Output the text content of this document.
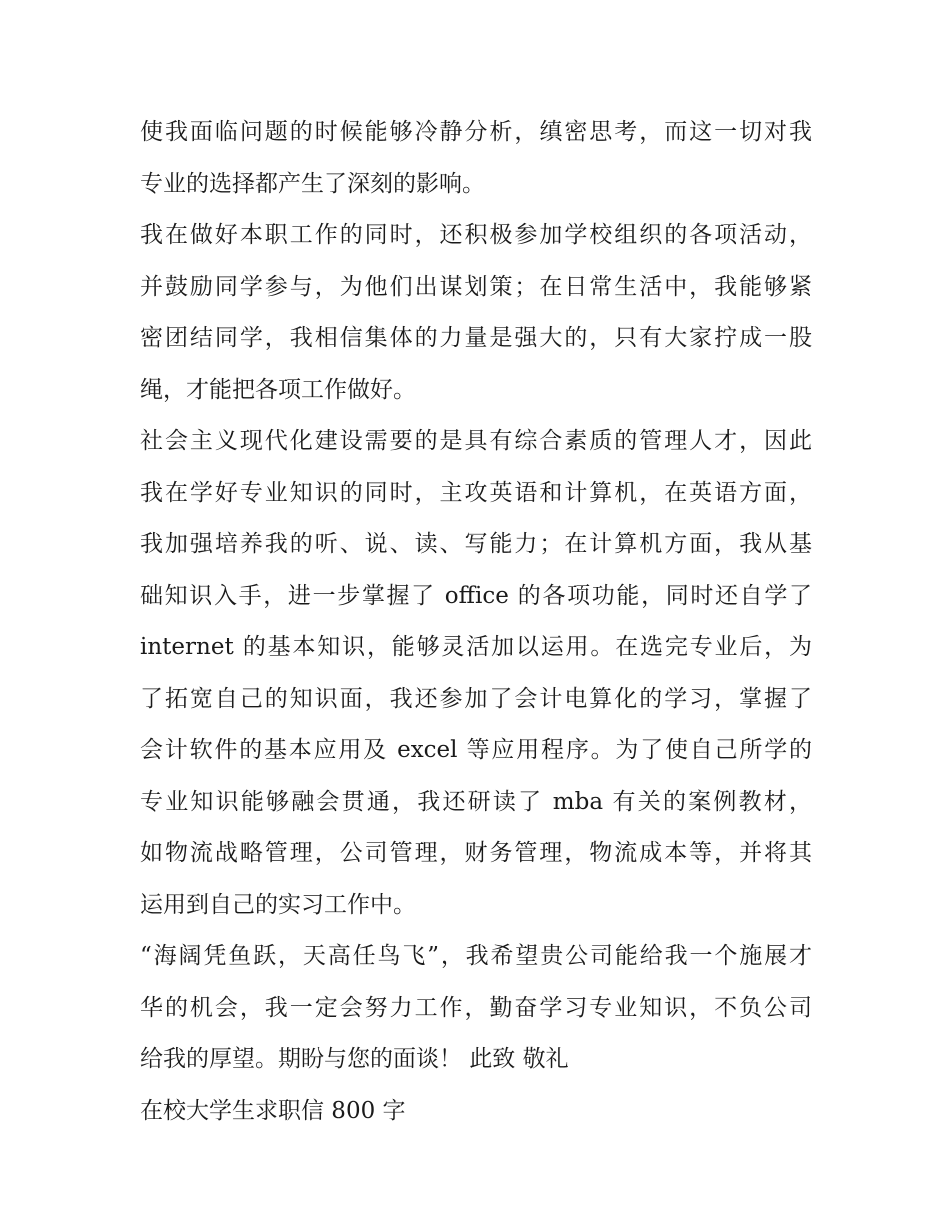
使我面临问题的时候能够冷静分析，缜密思考，而这一切对我
专业的选择都产生了深刻的影响。
我在做好本职工作的同时，还积极参加学校组织的各项活动，
并鼓励同学参与，为他们出谋划策；在日常生活中，我能够紧
密团结同学，我相信集体的力量是强大的，只有大家拧成一股
绳，才能把各项工作做好。
社会主义现代化建设需要的是具有综合素质的管理人才，因此
我在学好专业知识的同时，主攻英语和计算机，在英语方面，
我加强培养我的听、说、读、写能力；在计算机方面，我从基
础知识入手，进一步掌握了 office 的各项功能，同时还自学了
internet 的基本知识，能够灵活加以运用。在选完专业后，为
了拓宽自己的知识面，我还参加了会计电算化的学习，掌握了
会计软件的基本应用及 excel 等应用程序。为了使自己所学的
专业知识能够融会贯通，我还研读了 mba 有关的案例教材，
如物流战略管理，公司管理，财务管理，物流成本等，并将其
运用到自己的实习工作中。
“海阔凭鱼跃，天高任鸟飞”，我希望贵公司能给我一个施展才
华的机会，我一定会努力工作，勤奋学习专业知识，不负公司
给我的厚望。期盼与您的面谈！ 此致 敬礼
在校大学生求职信 800 字
